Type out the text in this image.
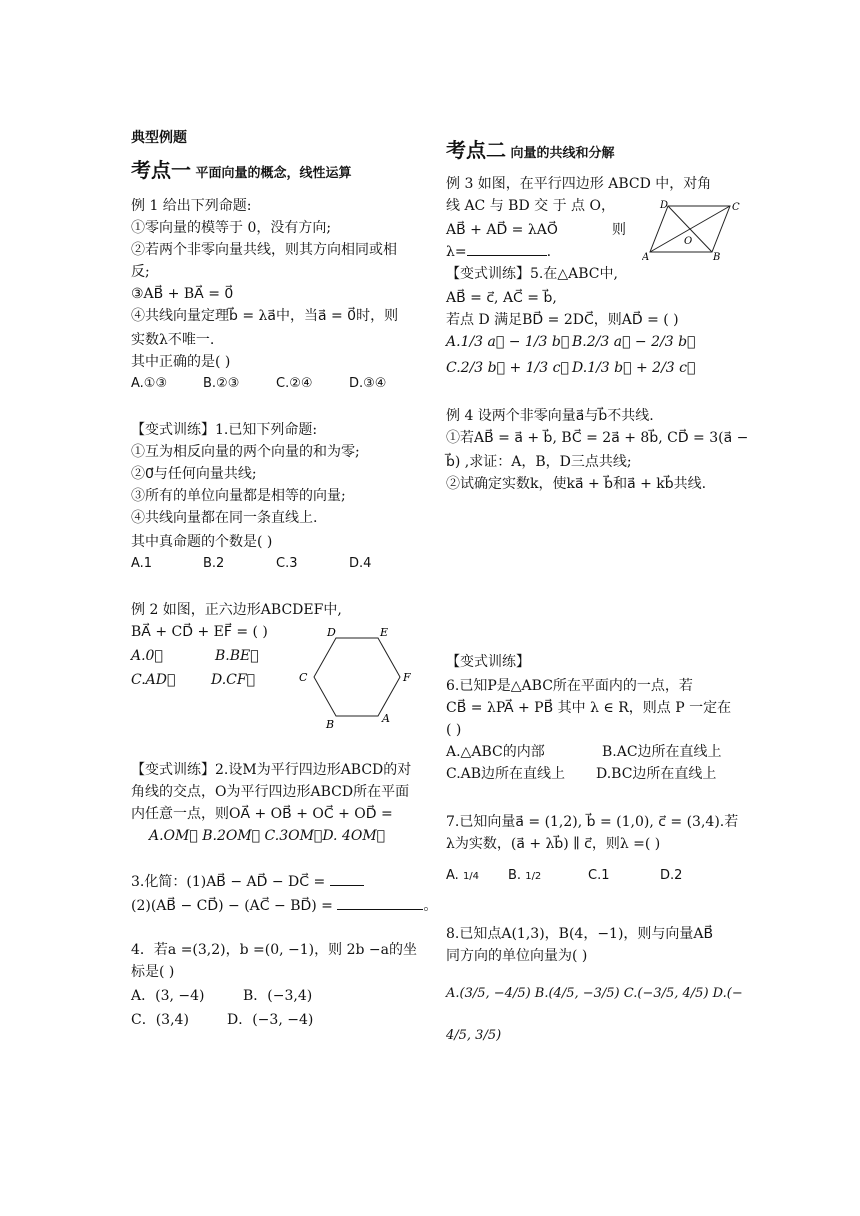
典型例题
考点一 平面向量的概念，线性运算
例 1 给出下列命题:
①零向量的模等于 0，没有方向;
②若两个非零向量共线，则其方向相同或相
反;
③AB⃗ + BA⃗ = 0⃗
④共线向量定理b⃗ = λa⃗中，当a⃗ = 0⃗时，则
实数λ不唯一.
其中正确的是( )
A.①③	B.②③	C.②④	D.③④
【变式训练】1.已知下列命题:
①互为相反向量的两个向量的和为零;
②0⃗与任何向量共线;
③所有的单位向量都是相等的向量;
④共线向量都在同一条直线上.
其中真命题的个数是( )
A.1	B.2	C.3	D.4
例 2 如图，正六边形ABCDEF中,
BA⃗ + CD⃗ + EF⃗ = ( )
A.0⃗	B.BE⃗
C.AD⃗	D.CF⃗
D	E
C	F
B	A
【变式训练】2.设M为平行四边形ABCD的对
角线的交点，O为平行四边形ABCD所在平面
内任意一点，则OA⃗ + OB⃗ + OC⃗ + OD⃗ =
A.OM⃗ B.2OM⃗ C.3OM⃗D. 4OM⃗
3.化简：(1)AB⃗ − AD⃗ − DC⃗ =
(2)(AB⃗ − CD⃗) − (AC⃗ − BD⃗) =	。
4．若a =(3,2)，b =(0, −1)，则 2b −a的坐
标是( )
A．(3, −4)	B．(−3,4)
C．(3,4)	D．(−3, −4)
考点二 向量的共线和分解
例 3 如图，在平行四边形 ABCD 中，对角
线 AC 与 BD 交 于 点 O，
AB⃗ + AD⃗ = λAO⃗	则
λ=	.
D	C
O
A	B
【变式训练】5.在△ABC中,
AB⃗ = c⃗, AC⃗ = b⃗,
若点 D 满足BD⃗ = 2DC⃗，则AD⃗ = ( )
A.1/3 a⃗ − 1/3 b⃗ B.2/3 a⃗ − 2/3 b⃗
C.2/3 b⃗ + 1/3 c⃗ D.1/3 b⃗ + 2/3 c⃗
例 4 设两个非零向量a⃗与b⃗不共线.
①若AB⃗ = a⃗ + b⃗, BC⃗ = 2a⃗ + 8b⃗, CD⃗ = 3(a⃗ −
b⃗) ,求证：A，B，D三点共线;
②试确定实数k，使ka⃗ + b⃗和a⃗ + kb⃗共线.
【变式训练】
6.已知P是△ABC所在平面内的一点，若
CB⃗ = λPA⃗ + PB⃗ 其中 λ ∈ R，则点 P 一定在
( )
A.△ABC的内部	B.AC边所在直线上
C.AB边所在直线上 D.BC边所在直线上
7.已知向量a⃗ = (1,2), b⃗ = (1,0), c⃗ = (3,4).若
λ为实数，(a⃗ + λb⃗) ∥ c⃗，则λ =( )
A. 1/4 B. 1/2	C.1	D.2
8.已知点A(1,3)，B(4，−1)，则与向量AB⃗
同方向的单位向量为( )
A.(3/5, −4/5) B.(4/5, −3/5) C.(−3/5, 4/5) D.(−
4/5, 3/5)
